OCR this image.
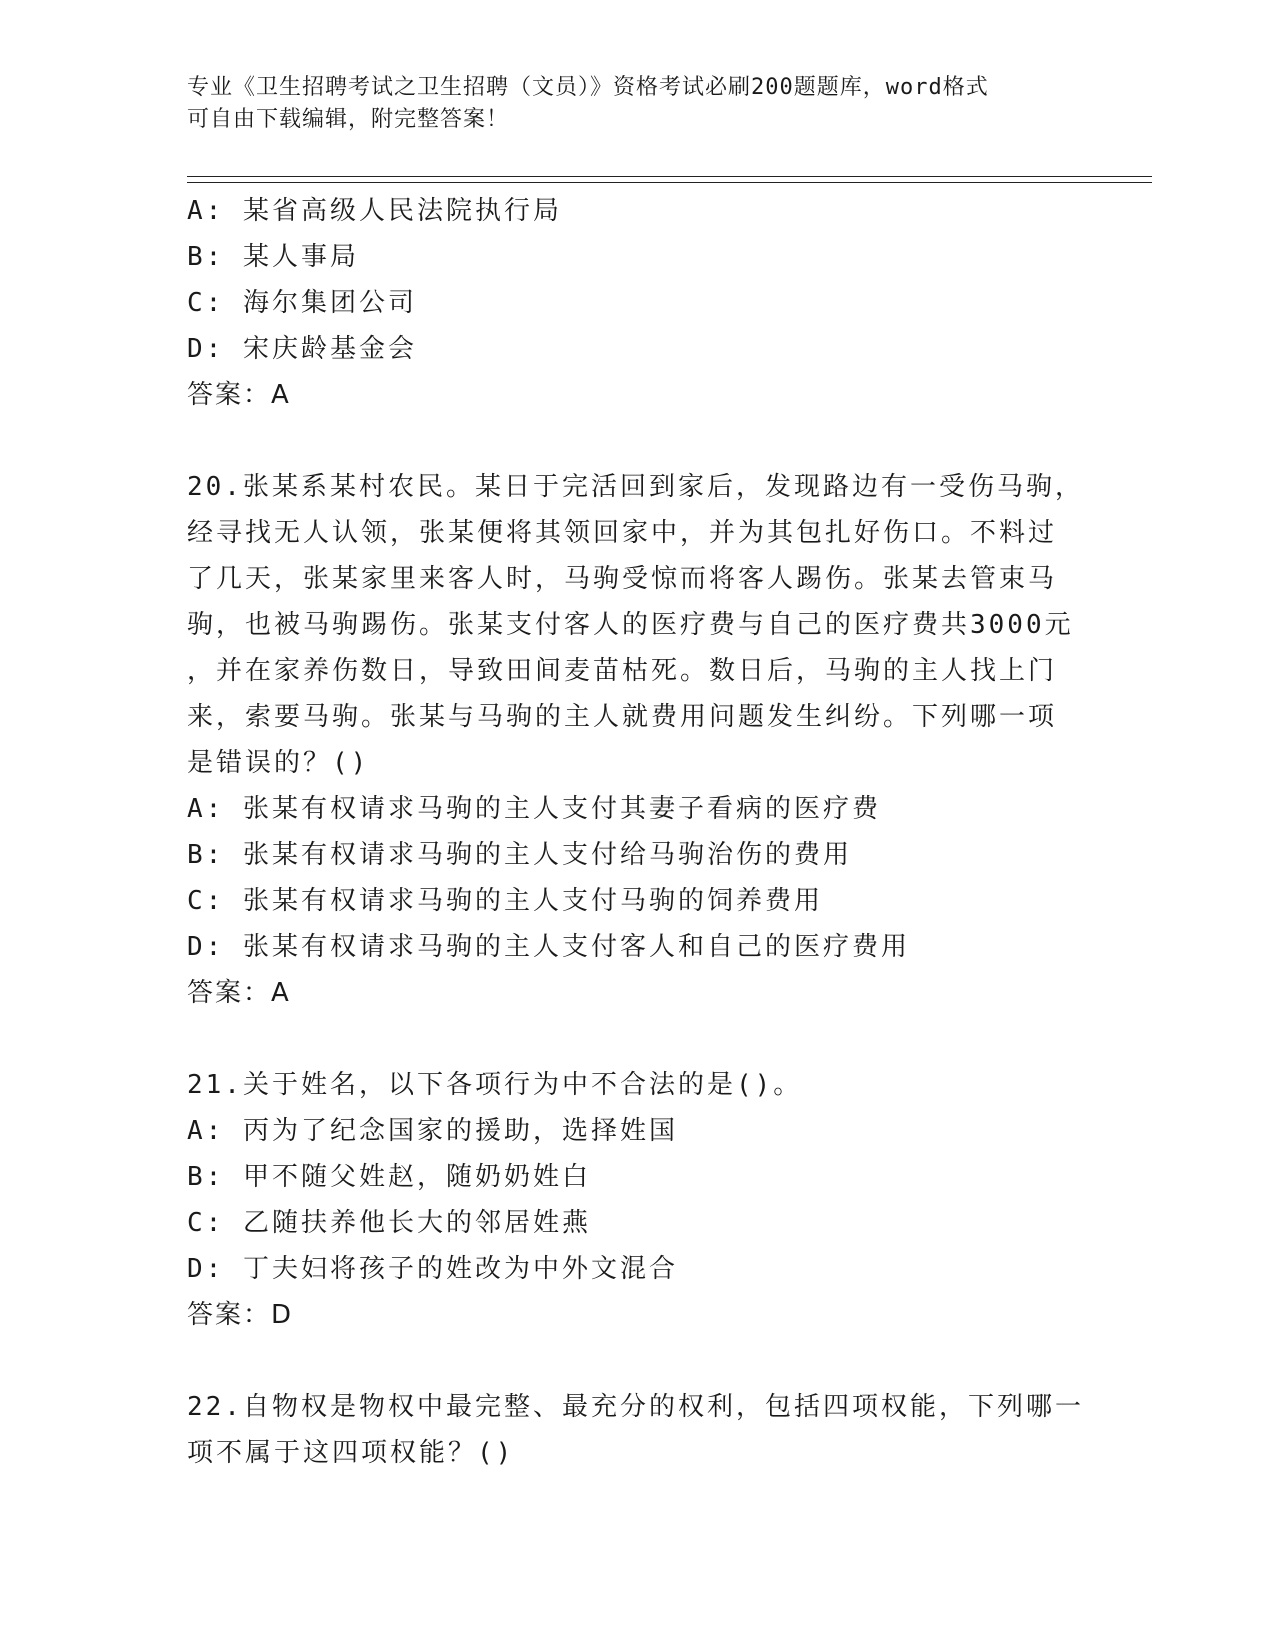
专业《卫生招聘考试之卫生招聘（文员）》资格考试必刷200题题库，word格式
可自由下载编辑，附完整答案！
A: 某省高级人民法院执行局
B: 某人事局
C: 海尔集团公司
D: 宋庆龄基金会
答案：A
20.张某系某村农民。某日于完活回到家后，发现路边有一受伤马驹，
经寻找无人认领，张某便将其领回家中，并为其包扎好伤口。不料过
了几天，张某家里来客人时，马驹受惊而将客人踢伤。张某去管束马
驹，也被马驹踢伤。张某支付客人的医疗费与自己的医疗费共3000元
，并在家养伤数日，导致田间麦苗枯死。数日后，马驹的主人找上门
来，索要马驹。张某与马驹的主人就费用问题发生纠纷。下列哪一项
是错误的？()
A: 张某有权请求马驹的主人支付其妻子看病的医疗费
B: 张某有权请求马驹的主人支付给马驹治伤的费用
C: 张某有权请求马驹的主人支付马驹的饲养费用
D: 张某有权请求马驹的主人支付客人和自己的医疗费用
答案：A
21.关于姓名，以下各项行为中不合法的是()。
A: 丙为了纪念国家的援助，选择姓国
B: 甲不随父姓赵，随奶奶姓白
C: 乙随扶养他长大的邻居姓燕
D: 丁夫妇将孩子的姓改为中外文混合
答案：D
22.自物权是物权中最完整、最充分的权利，包括四项权能，下列哪一
项不属于这四项权能？()
